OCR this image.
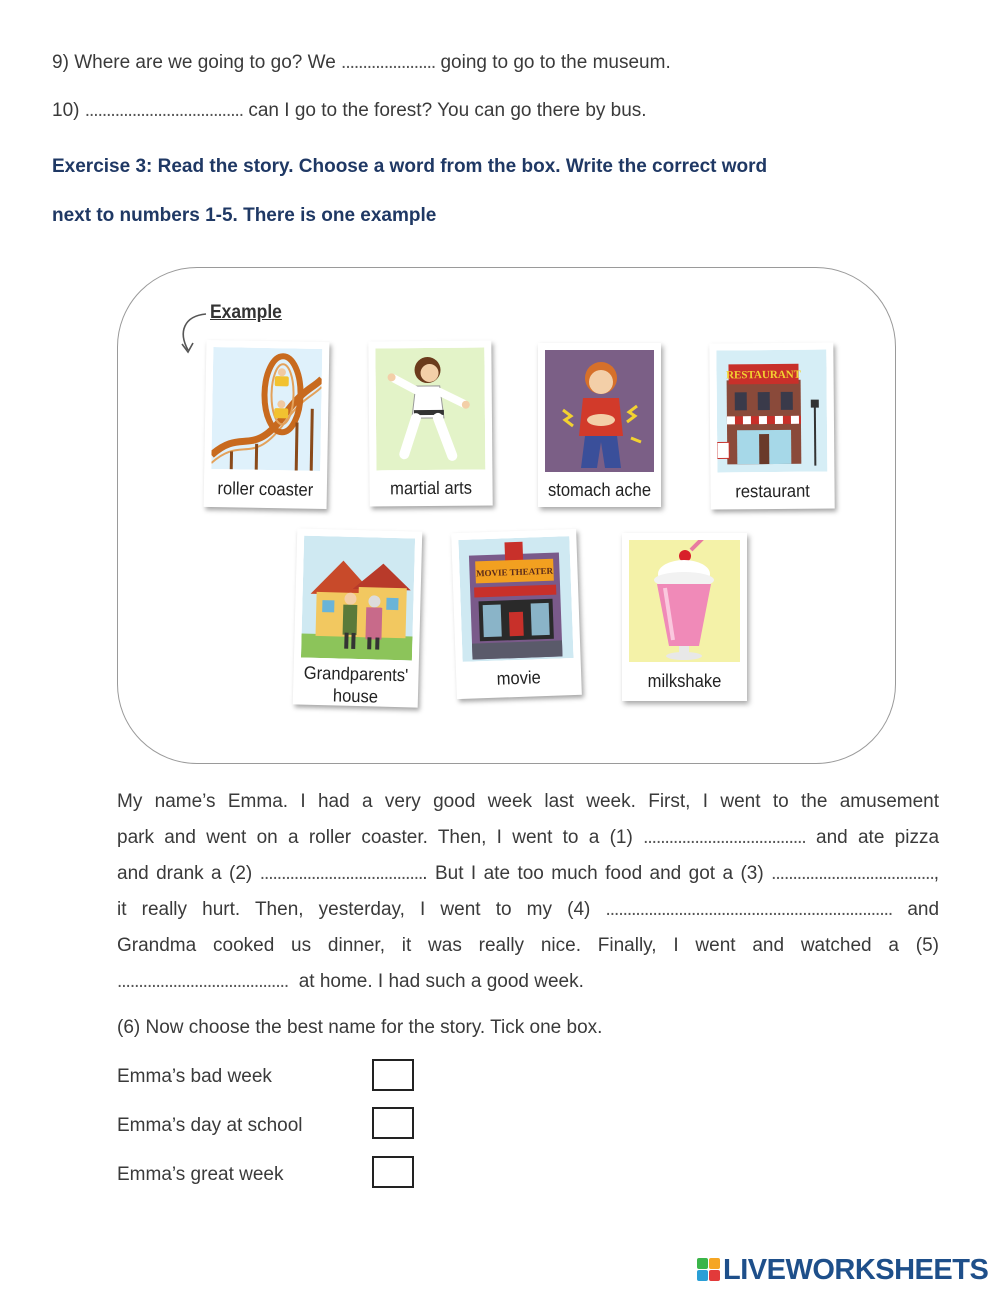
9) Where are we going to go? We ...................... going to go to the museum.
10) ..................................... can I go to the forest? You can go there by bus.
Exercise 3: Read the story. Choose a word from the box. Write the correct word
next to numbers 1-5. There is one example
Example
roller coaster	martial arts	stomach ache
RESTAURANT
restaurant
Grandparents'
house
MOVIE THEATER
movie	milkshake

My name’s Emma. I had a very good week last week. First, I went to the amusement

park and went on a roller coaster. Then, I went to a (1) ...................................... and ate pizza

and drank a (2) ....................................... But I ate too much food and got a (3) ......................................,

it really hurt. Then, yesterday, I went to my (4) ................................................................... and

Grandma cooked us dinner, it was really nice. Finally, I went and watched a (5)

........................................ at home. I had such a good week.

(6) Now choose the best name for the story. Tick one box.
Emma’s bad week
Emma’s day at school
Emma’s great week
LIVEWORKSHEETS
